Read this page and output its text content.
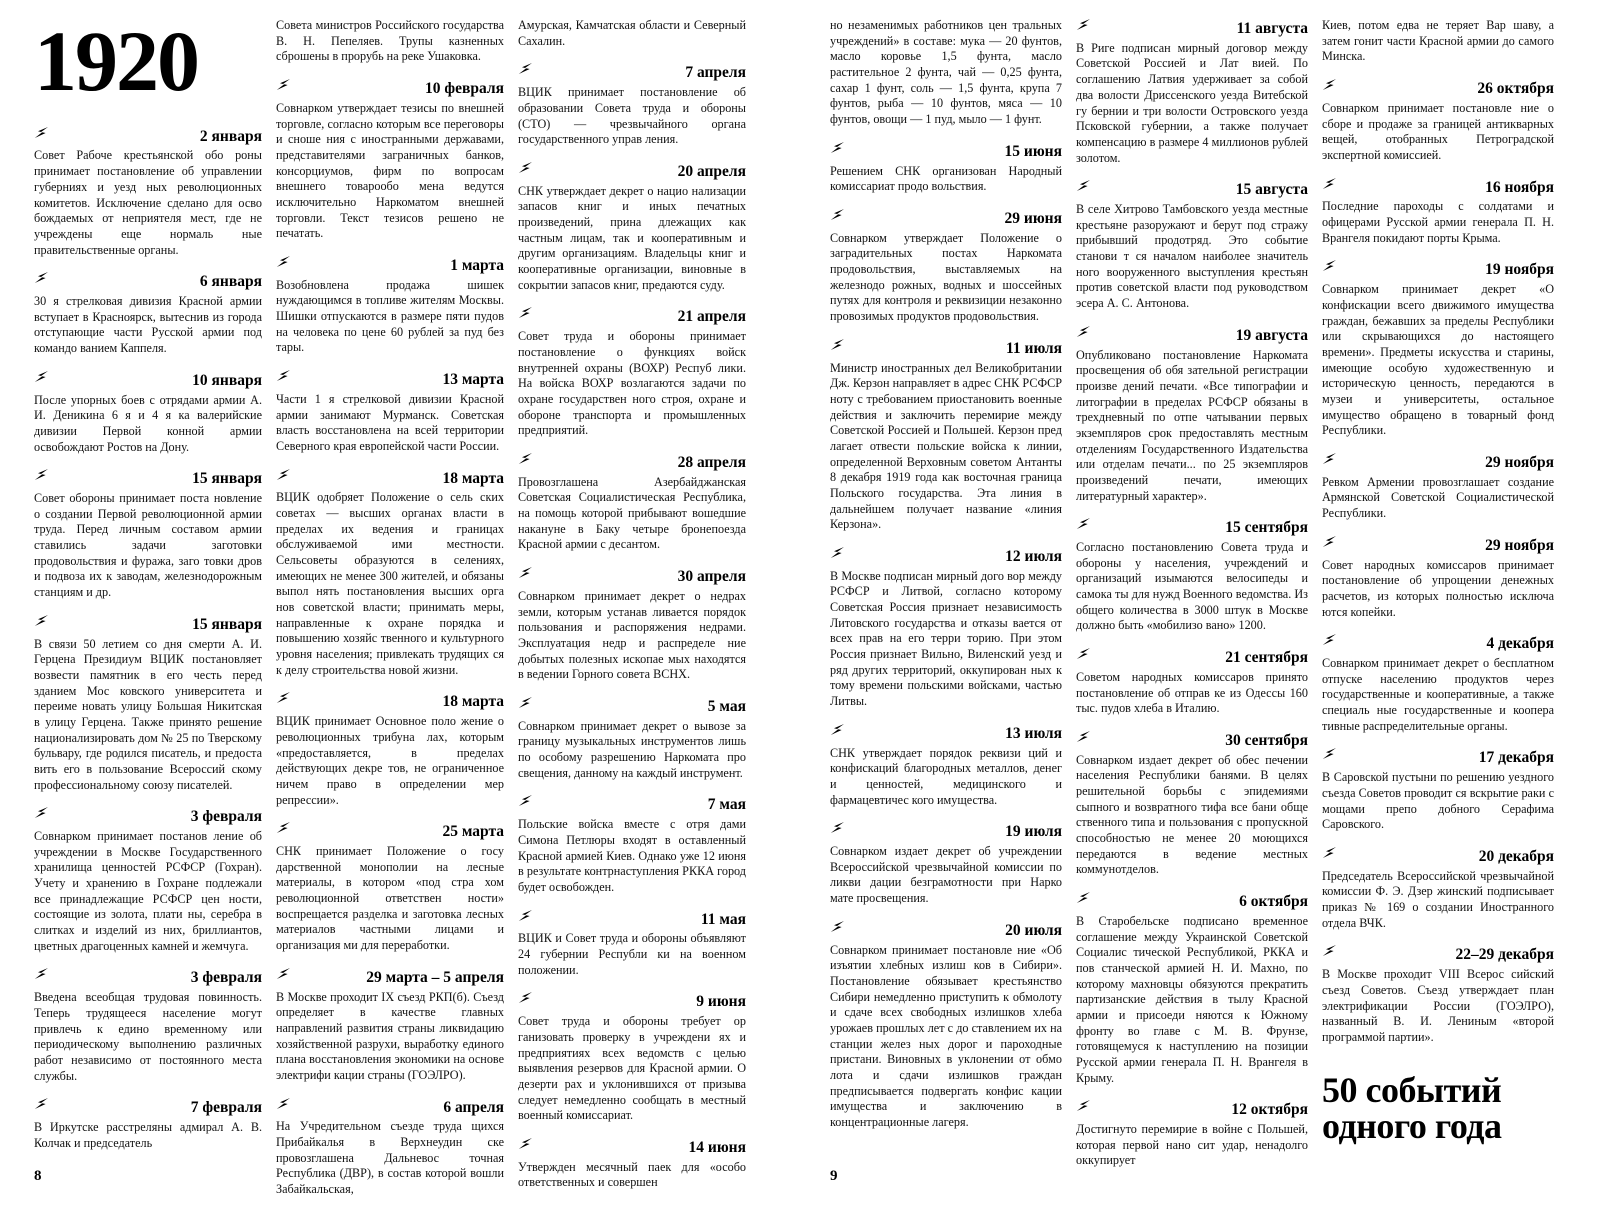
1920
2 января
Совет Рабоче крестьянской обо роны принимает постановление об управлении губерниях и уезд ных революционных комитетов. Исключение сделано для осво бождаемых от неприятеля мест, где не учреждены еще нормаль ные правительственные органы.
6 января
30 я стрелковая дивизия Красной армии вступает в Красноярск, вытеснив из города отступающие части Русской армии под командо ванием Каппеля.
10 января
После упорных боев с отрядами армии А. И. Деникина 6 я и 4 я ка валерийские дивизии Первой конной армии освобождают Ростов на Дону.
15 января
Совет обороны принимает поста новление о создании Первой революционной армии труда. Перед личным составом армии ставились задачи заготовки продовольствия и фуража, заго товки дров и подвоза их к заводам, железнодорожным станциям и др.
15 января
В связи 50 летием со дня смерти А. И. Герцена Президиум ВЦИК постановляет возвести памятник в его честь перед зданием Мос ковского университета и переиме новать улицу Большая Никитская в улицу Герцена. Также принято решение национализировать дом № 25 по Тверскому бульвару, где родился писатель, и предоста вить его в пользование Всероссий скому профессиональному союзу писателей.
3 февраля
Совнарком принимает постанов ление об учреждении в Москве Государственного хранилища ценностей РСФСР (Гохран). Учету и хранению в Гохране подлежали все принадлежащие РСФСР цен ности, состоящие из золота, плати ны, серебра в слитках и изделий из них, бриллиантов, цветных драгоценных камней и жемчуга.
3 февраля
Введена всеобщая трудовая повинность. Теперь трудящееся население могут привлечь к едино временному или периодическому выполнению различных работ независимо от постоянного места службы.
7 февраля
В Иркутске расстреляны адмирал А. В. Колчак и председатель
Совета министров Российского государства В. Н. Пепеляев. Трупы казненных сброшены в прорубь на реке Ушаковка.
10 февраля
Совнарком утверждает тезисы по внешней торговле, согласно которым все переговоры и сноше ния с иностранными державами, представителями заграничных банков, консорциумов, фирм по вопросам внешнего товарообо мена ведутся исключительно Наркоматом внешней торговли. Текст тезисов решено не печатать.
1 марта
Возобновлена продажа шишек нуждающимся в топливе жителям Москвы. Шишки отпускаются в размере пяти пудов на человека по цене 60 рублей за пуд без тары.
13 марта
Части 1 я стрелковой дивизии Красной армии занимают Мурманск. Советская власть восстановлена на всей территории Северного края европейской части России.
18 марта
ВЦИК одобряет Положение о сель ских советах — высших органах власти в пределах их ведения и границах обслуживаемой ими местности. Сельсоветы образуются в селениях, имеющих не менее 300 жителей, и обязаны выпол нять постановления высших орга нов советской власти; принимать меры, направленные к охране порядка и повышению хозяйс твенного и культурного уровня населения; привлекать трудящих ся к делу строительства новой жизни.
18 марта
ВЦИК принимает Основное поло жение о революционных трибуна лах, которым «предоставляется, в пределах действующих декре тов, не ограниченное ничем право в определении мер репрессии».
25 марта
СНК принимает Положение о госу дарственной монополии на лесные материалы, в котором «под стра хом революционной ответствен ности» воспрещается разделка и заготовка лесных материалов частными лицами и организация ми для переработки.
29 марта – 5 апреля
В Москве проходит IX съезд РКП(б). Съезд определяет в качестве главных направлений развития страны ликвидацию хозяйственной разрухи, выработку единого плана восстановления экономики на основе электрифи кации страны (ГОЭЛРО).
6 апреля
На Учредительном съезде труда щихся Прибайкалья в Верхнеудин ске провозглашена Дальневос точная Республика (ДВР), в состав которой вошли Забайкальская,
Амурская, Камчатская области и Северный Сахалин.
7 апреля
ВЦИК принимает постановление об образовании Совета труда и обороны (СТО) — чрезвычайного органа государственного управ ления.
20 апреля
СНК утверждает декрет о нацио нализации запасов книг и иных печатных произведений, прина длежащих как частным лицам, так и кооперативным и другим организациям. Владельцы книг и кооперативные организации, виновные в сокрытии запасов книг, предаются суду.
21 апреля
Совет труда и обороны принимает постановление о функциях войск внутренней охраны (ВОХР) Респуб лики. На войска ВОХР возлагаются задачи по охране государствен ного строя, охране и обороне транспорта и промышленных предприятий.
28 апреля
Провозглашена Азербайджанская Советская Социалистическая Республика, на помощь которой прибывают вошедшие накануне в Баку четыре бронепоезда Красной армии с десантом.
30 апреля
Совнарком принимает декрет о недрах земли, которым устанав ливается порядок пользования и распоряжения недрами. Эксплуатация недр и распределе ние добытых полезных ископае мых находятся в ведении Горного совета ВСНХ.
5 мая
Совнарком принимает декрет о вывозе за границу музыкальных инструментов лишь по особому разрешению Наркомата про свещения, данному на каждый инструмент.
7 мая
Польские войска вместе с отря дами Симона Петлюры входят в оставленный Красной армией Киев. Однако уже 12 июня в результате контрнаступления РККА город будет освобожден.
11 мая
ВЦИК и Совет труда и обороны объявляют 24 губернии Республи ки на военном положении.
9 июня
Совет труда и обороны требует ор ганизовать проверку в учреждени ях и предприятиях всех ведомств с целью выявления резервов для Красной армии. О дезерти рах и уклонившихся от призыва следует немедленно сообщать в местный военный комиссариат.
14 июня
Утвержден месячный паек для «особо ответственных и совершен
8
но незаменимых работников цен тральных учреждений» в составе: мука — 20 фунтов, масло коровье 1,5 фунта, масло растительное 2 фунта, чай — 0,25 фунта, сахар 1 фунт, соль — 1,5 фунта, крупа 7 фунтов, рыба — 10 фунтов, мяса — 10 фунтов, овощи — 1 пуд, мыло — 1 фунт.
15 июня
Решением СНК организован Народный комиссариат продо вольствия.
29 июня
Совнарком утверждает Положение о заградительных постах Наркомата продовольствия, выставляемых на железнодо рожных, водных и шоссейных путях для контроля и реквизиции незаконно провозимых продуктов продовольствия.
11 июля
Министр иностранных дел Великобритании Дж. Керзон направляет в адрес СНК РСФСР ноту с требованием приостановить военные действия и заключить перемирие между Советской Россией и Польшей. Керзон пред лагает отвести польские войска к линии, определенной Верховным советом Антанты 8 декабря 1919 года как восточная граница Польского государства. Эта линия в дальнейшем получает название «линия Керзона».
12 июля
В Москве подписан мирный дого вор между РСФСР и Литвой, согласно которому Советская Россия признает независимость Литовского государства и отказы вается от всех прав на его терри торию. При этом Россия признает Вильно, Виленский уезд и ряд других территорий, оккупирован ных к тому времени польскими войсками, частью Литвы.
13 июля
СНК утверждает порядок реквизи ций и конфискаций благородных металлов, денег и ценностей, медицинского и фармацевтичес кого имущества.
19 июля
Совнарком издает декрет об учреждении Всероссийской чрезвычайной комиссии по ликви дации безграмотности при Нарко мате просвещения.
20 июля
Совнарком принимает постановле ние «Об изъятии хлебных излиш ков в Сибири». Постановление обязывает крестьянство Сибири немедленно приступить к обмолоту и сдаче всех свободных излишков хлеба урожаев прошлых лет с до ставлением их на станции желез ных дорог и пароходные пристани. Виновных в уклонении от обмо лота и сдачи излишков граждан предписывается подвергать конфис кации имущества и заключению в концентрационные лагеря.
11 августа
В Риге подписан мирный договор между Советской Россией и Лат вией. По соглашению Латвия удерживает за собой два волости Дриссенского уезда Витебской гу бернии и три волости Островского уезда Псковской губернии, а также получает компенсацию в размере 4 миллионов рублей золотом.
15 августа
В селе Хитрово Тамбовского уезда местные крестьяне разоружают и берут под стражу прибывший продотряд. Это событие станови т ся началом наиболее значитель ного вооруженного выступления крестьян против советской власти под руководством эсера А. С. Антонова.
19 августа
Опубликовано постановление Наркомата просвещения об обя зательной регистрации произве дений печати. «Все типографии и литографии в пределах РСФСР обязаны в трехдневный по отпе чатывании первых экземпляров срок предоставлять местным отделениям Государственного Издательства или отделам печати... по 25 экземпляров произведений печати, имеющих литературный характер».
15 сентября
Согласно постановлению Совета труда и обороны у населения, учреждений и организаций изымаются велосипеды и самока ты для нужд Военного ведомства. Из общего количества в 3000 штук в Москве должно быть «мобилизо вано» 1200.
21 сентября
Советом народных комиссаров принято постановление об отправ ке из Одессы 160 тыс. пудов хлеба в Италию.
30 сентября
Совнарком издает декрет об обес печении населения Республики банями. В целях решительной борьбы с эпидемиями сыпного и возвратного тифа все бани обще ственного типа и пользования с пропускной способностью не менее 20 моющихся передаются в ведение местных коммунотделов.
6 октября
В Старобельске подписано временное соглашение между Украинской Советской Социалис тической Республикой, РККА и пов станческой армией Н. И. Махно, по которому махновцы обязуются прекратить партизанские действия в тылу Красной армии и присоеди няются к Южному фронту во главе с М. В. Фрунзе, готовящемуся к наступлению на позиции Русской армии генерала П. Н. Врангеля в Крыму.
12 октября
Достигнуто перемирие в войне с Польшей, которая первой нано сит удар, ненадолго оккупирует
Киев, потом едва не теряет Вар шаву, а затем гонит части Красной армии до самого Минска.
26 октября
Совнарком принимает постановле ние о сборе и продаже за границей антикварных вещей, отобранных Петроградской экспертной комиссией.
16 ноября
Последние пароходы с солдатами и офицерами Русской армии генерала П. Н. Врангеля покидают порты Крыма.
19 ноября
Совнарком принимает декрет «О конфискации всего движимого имущества граждан, бежавших за пределы Республики или скрывающихся до настоящего времени». Предметы искусства и старины, имеющие особую художественную и историческую ценность, передаются в музеи и университеты, остальное имущество обращено в товарный фонд Республики.
29 ноября
Ревком Армении провозглашает создание Армянской Советской Социалистической Республики.
29 ноября
Совет народных комиссаров принимает постановление об упрощении денежных расчетов, из которых полностью исключа ются копейки.
4 декабря
Совнарком принимает декрет о бесплатном отпуске населению продуктов через государственные и кооперативные, а также специаль ные государственные и коопера тивные распределительные органы.
17 декабря
В Саровской пустыни по решению уездного съезда Советов проводит ся вскрытие раки с мощами препо добного Серафима Саровского.
20 декабря
Председатель Всероссийской чрезвычайной комиссии Ф. Э. Дзер жинский подписывает приказ № 169 о создании Иностранного отдела ВЧК.
22–29 декабря
В Москве проходит VIII Всерос сийский съезд Советов. Съезд утверждает план электрификации России (ГОЭЛРО), названный В. И. Лениным «второй программой партии».
50 событий одного года
9
